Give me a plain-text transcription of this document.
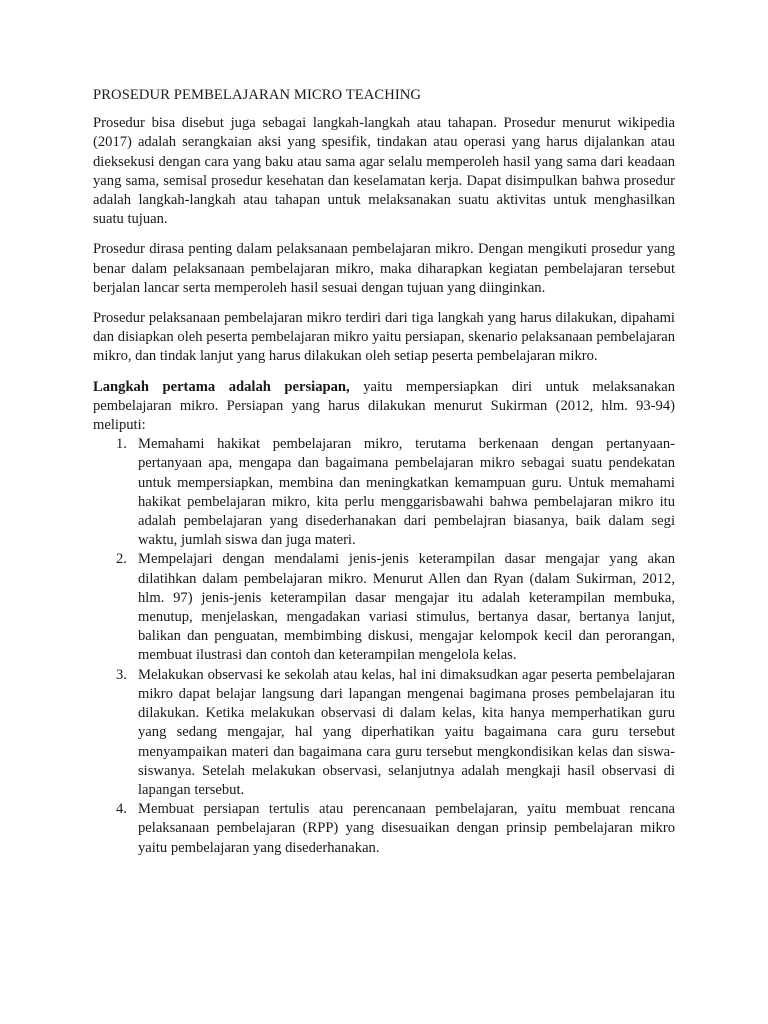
PROSEDUR PEMBELAJARAN MICRO TEACHING

Prosedur bisa disebut juga sebagai langkah-langkah atau tahapan. Prosedur menurut wikipedia (2017) adalah serangkaian aksi yang spesifik, tindakan atau operasi yang harus dijalankan atau dieksekusi dengan cara yang baku atau sama agar selalu memperoleh hasil yang sama dari keadaan yang sama, semisal prosedur kesehatan dan keselamatan kerja. Dapat disimpulkan bahwa prosedur adalah langkah-langkah atau tahapan untuk melaksanakan suatu aktivitas untuk menghasilkan suatu tujuan.

Prosedur dirasa penting dalam pelaksanaan pembelajaran mikro. Dengan mengikuti prosedur yang benar dalam pelaksanaan pembelajaran mikro, maka diharapkan kegiatan pembelajaran tersebut berjalan lancar serta memperoleh hasil sesuai dengan tujuan yang diinginkan.

Prosedur pelaksanaan pembelajaran mikro terdiri dari tiga langkah yang harus dilakukan, dipahami dan disiapkan oleh peserta pembelajaran mikro yaitu persiapan, skenario pelaksanaan pembelajaran mikro, dan tindak lanjut yang harus dilakukan oleh setiap peserta pembelajaran mikro.

Langkah pertama adalah persiapan, yaitu mempersiapkan diri untuk melaksanakan pembelajaran mikro. Persiapan yang harus dilakukan menurut Sukirman (2012, hlm. 93-94) meliputi:

1. Memahami hakikat pembelajaran mikro, terutama berkenaan dengan pertanyaan-pertanyaan apa, mengapa dan bagaimana pembelajaran mikro sebagai suatu pendekatan untuk mempersiapkan, membina dan meningkatkan kemampuan guru. Untuk memahami hakikat pembelajaran mikro, kita perlu menggarisbawahi bahwa pembelajaran mikro itu adalah pembelajaran yang disederhanakan dari pembelajran biasanya, baik dalam segi waktu, jumlah siswa dan juga materi.
2. Mempelajari dengan mendalami jenis-jenis keterampilan dasar mengajar yang akan dilatihkan dalam pembelajaran mikro. Menurut Allen dan Ryan (dalam Sukirman, 2012, hlm. 97) jenis-jenis keterampilan dasar mengajar itu adalah keterampilan membuka, menutup, menjelaskan, mengadakan variasi stimulus, bertanya dasar, bertanya lanjut, balikan dan penguatan, membimbing diskusi, mengajar kelompok kecil dan perorangan, membuat ilustrasi dan contoh dan keterampilan mengelola kelas.
3. Melakukan observasi ke sekolah atau kelas, hal ini dimaksudkan agar peserta pembelajaran mikro dapat belajar langsung dari lapangan mengenai bagimana proses pembelajaran itu dilakukan. Ketika melakukan observasi di dalam kelas, kita hanya memperhatikan guru yang sedang mengajar, hal yang diperhatikan yaitu bagaimana cara guru tersebut menyampaikan materi dan bagaimana cara guru tersebut mengkondisikan kelas dan siswa-siswanya. Setelah melakukan observasi, selanjutnya adalah mengkaji hasil observasi di lapangan tersebut.
4. Membuat persiapan tertulis atau perencanaan pembelajaran, yaitu membuat rencana pelaksanaan pembelajaran (RPP) yang disesuaikan dengan prinsip pembelajaran mikro yaitu pembelajaran yang disederhanakan.
